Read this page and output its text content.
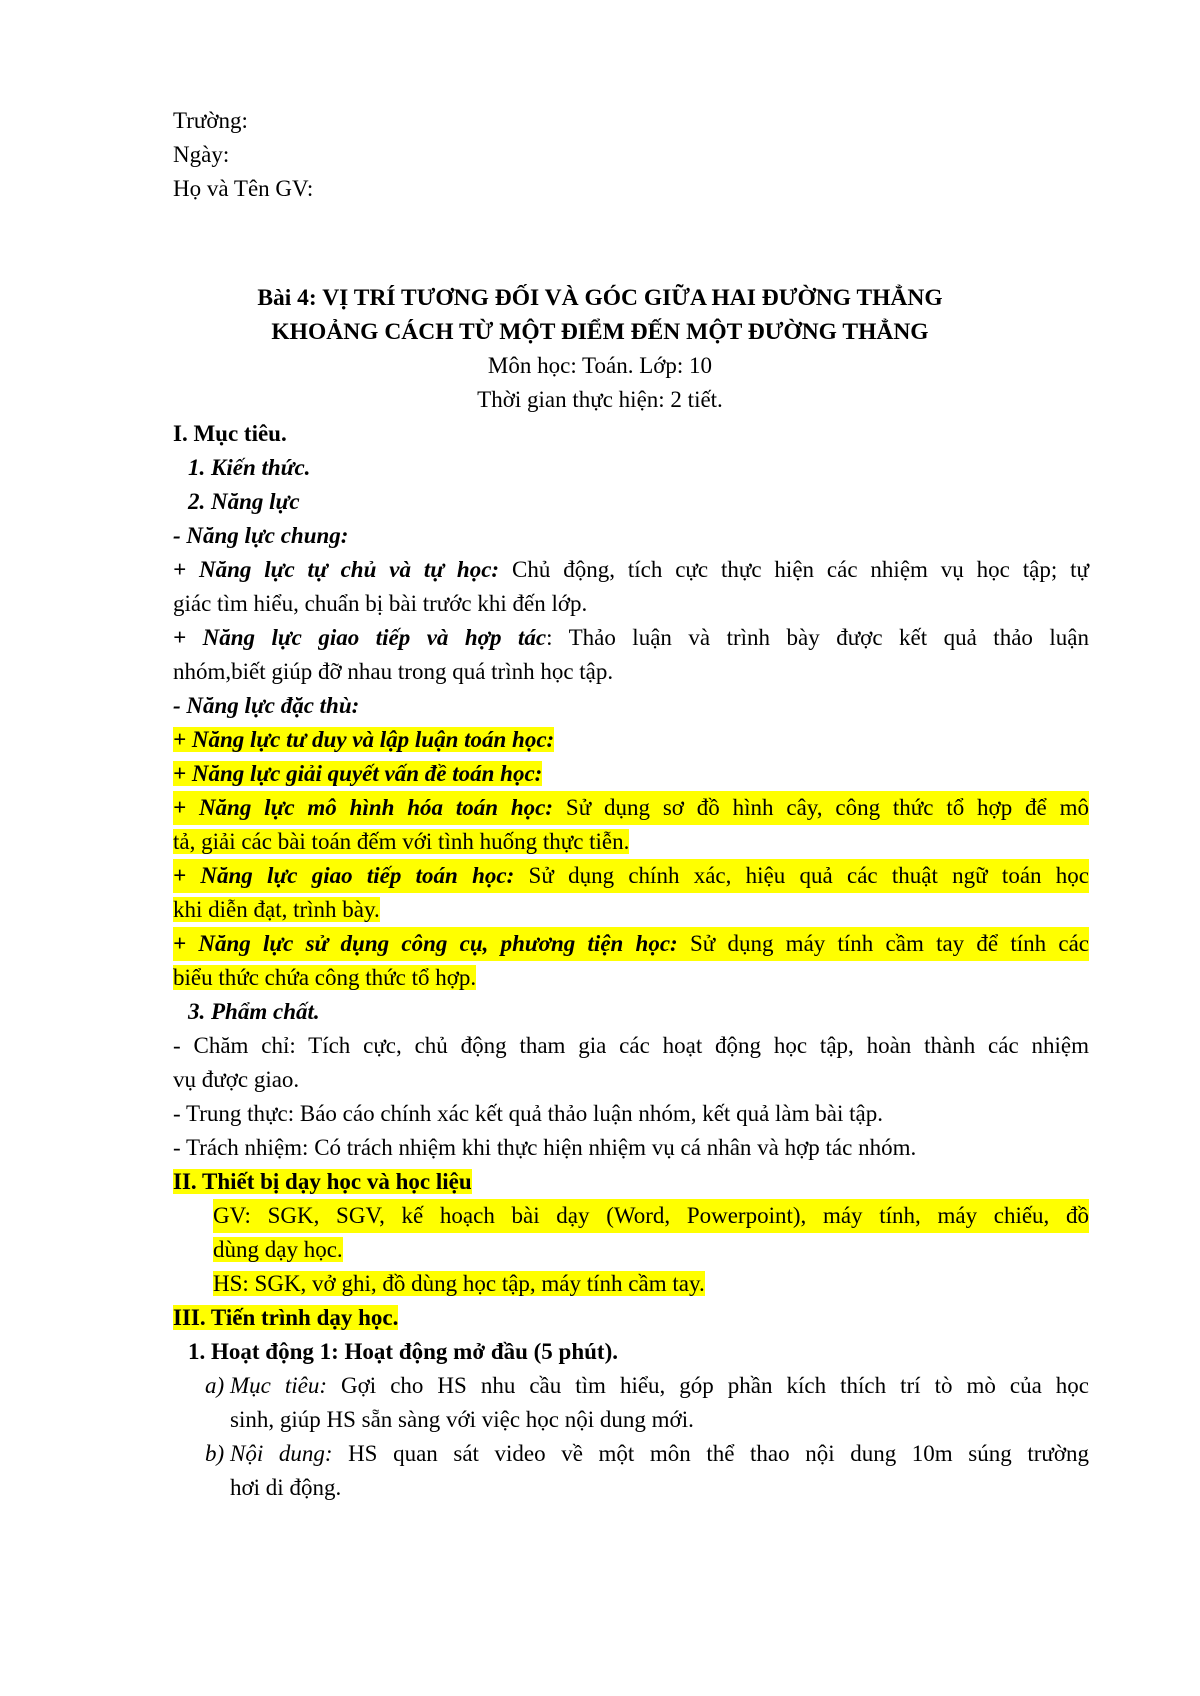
Trường:
Ngày:
Họ và Tên GV:
Bài 4: VỊ TRÍ TƯƠNG ĐỐI VÀ GÓC GIỮA HAI ĐƯỜNG THẲNG
KHOẢNG CÁCH TỪ MỘT ĐIỂM ĐẾN MỘT ĐƯỜNG THẲNG
Môn học: Toán. Lớp: 10
Thời gian thực hiện: 2 tiết.
I. Mục tiêu.
1. Kiến thức.
2. Năng lực
- Năng lực chung:
+ Năng lực tự chủ và tự học: Chủ động, tích cực thực hiện các nhiệm vụ học tập; tự
giác tìm hiểu, chuẩn bị bài trước khi đến lớp.
+ Năng lực giao tiếp và hợp tác: Thảo luận và trình bày được kết quả thảo luận
nhóm,biết giúp đỡ nhau trong quá trình học tập.
- Năng lực đặc thù:
+ Năng lực tư duy và lập luận toán học:
+ Năng lực giải quyết vấn đề toán học:
+ Năng lực mô hình hóa toán học: Sử dụng sơ đồ hình cây, công thức tổ hợp để mô
tả, giải các bài toán đếm với tình huống thực tiễn.
+ Năng lực giao tiếp toán học: Sử dụng chính xác, hiệu quả các thuật ngữ toán học
khi diễn đạt, trình bày.
+ Năng lực sử dụng công cụ, phương tiện học: Sử dụng máy tính cầm tay để tính các
biểu thức chứa công thức tổ hợp.
3. Phẩm chất.
- Chăm chỉ: Tích cực, chủ động tham gia các hoạt động học tập, hoàn thành các nhiệm
vụ được giao.
- Trung thực: Báo cáo chính xác kết quả thảo luận nhóm, kết quả làm bài tập.
- Trách nhiệm: Có trách nhiệm khi thực hiện nhiệm vụ cá nhân và hợp tác nhóm.
II. Thiết bị dạy học và học liệu
GV: SGK, SGV, kế hoạch bài dạy (Word, Powerpoint), máy tính, máy chiếu, đồ
dùng dạy học.
HS: SGK, vở ghi, đồ dùng học tập, máy tính cầm tay.
III. Tiến trình dạy học.
1. Hoạt động 1: Hoạt động mở đầu (5 phút).
a) Mục tiêu: Gợi cho HS nhu cầu tìm hiểu, góp phần kích thích trí tò mò của học
sinh, giúp HS sẵn sàng với việc học nội dung mới.
b) Nội dung: HS quan sát video về một môn thể thao nội dung 10m súng trường
hơi di động.
